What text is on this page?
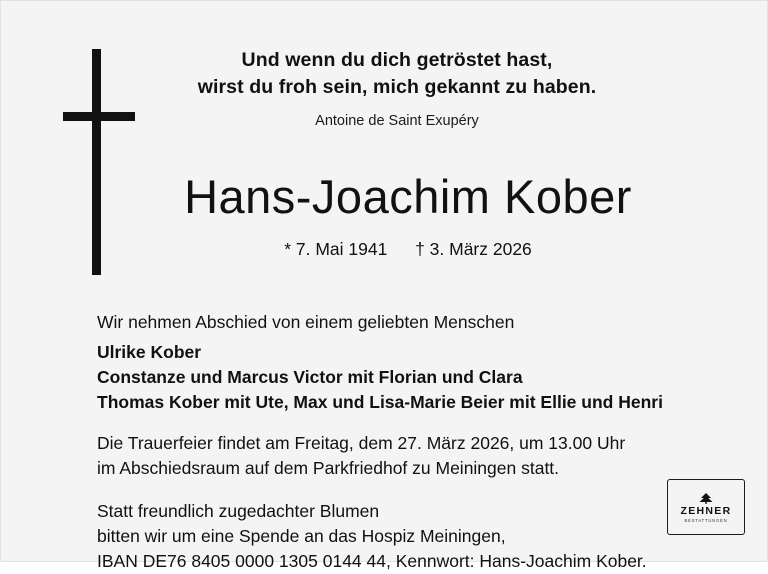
Und wenn du dich getröstet hast,
wirst du froh sein, mich gekannt zu haben.
Antoine de Saint Exupéry
Hans-Joachim Kober
* 7. Mai 1941 † 3. März 2026
Wir nehmen Abschied von einem geliebten Menschen
Ulrike Kober
Constanze und Marcus Victor mit Florian und Clara
Thomas Kober mit Ute, Max und Lisa-Marie Beier mit Ellie und Henri
Die Trauerfeier findet am Freitag, dem 27. März 2026, um 13.00 Uhr
im Abschiedsraum auf dem Parkfriedhof zu Meiningen statt.
Statt freundlich zugedachter Blumen
bitten wir um eine Spende an das Hospiz Meiningen,
IBAN DE76 8405 0000 1305 0144 44, Kennwort: Hans-Joachim Kober.
ZEHNER
BESTATTUNGEN
